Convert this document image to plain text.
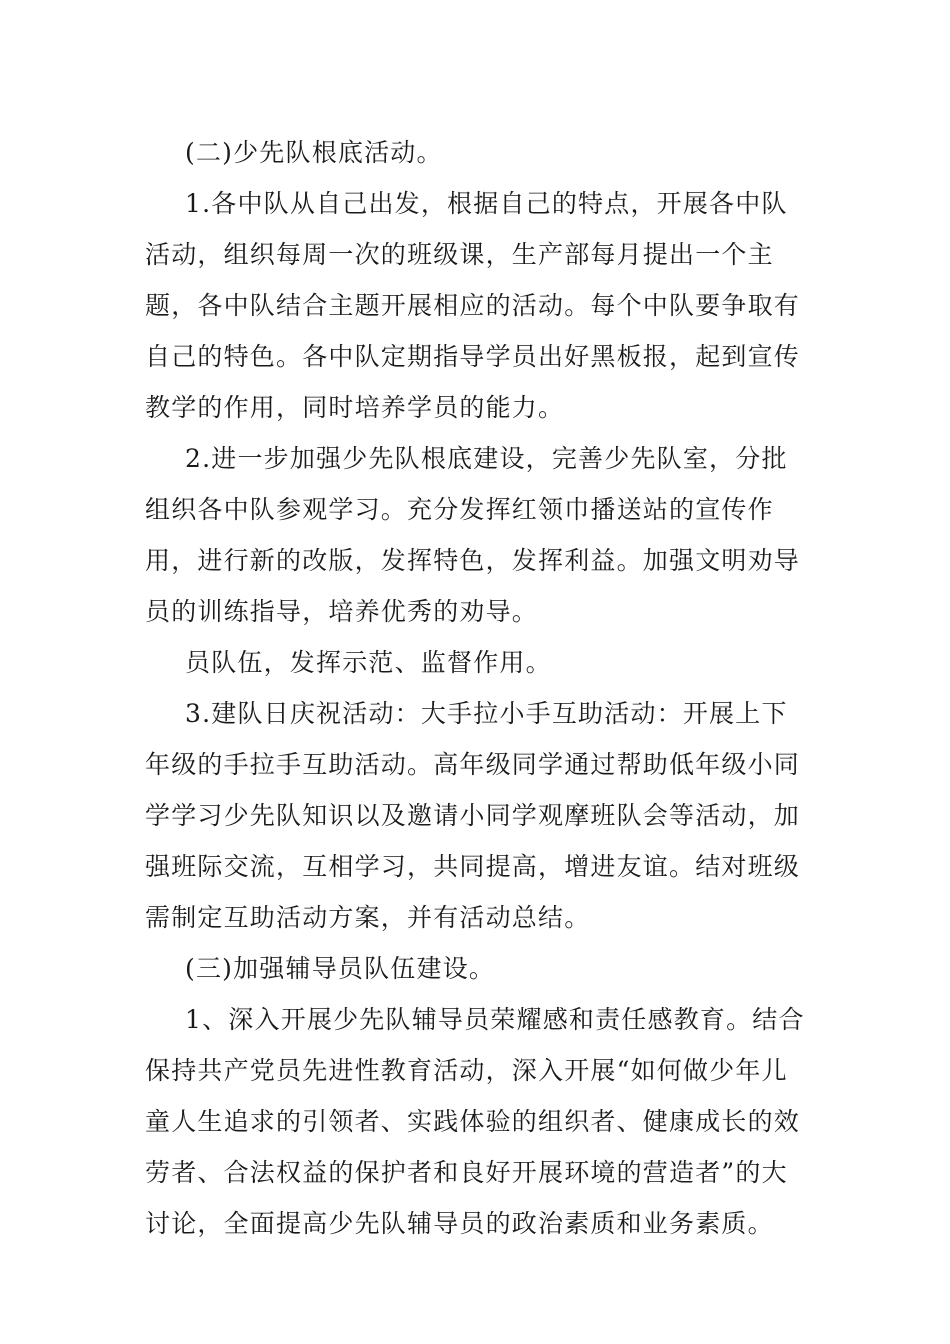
(二)少先队根底活动。

1.各中队从自己出发，根据自己的特点，开展各中队活动，组织每周一次的班级课，生产部每月提出一个主题，各中队结合主题开展相应的活动。每个中队要争取有自己的特色。各中队定期指导学员出好黑板报，起到宣传教学的作用，同时培养学员的能力。

2.进一步加强少先队根底建设，完善少先队室，分批组织各中队参观学习。充分发挥红领巾播送站的宣传作用，进行新的改版，发挥特色，发挥利益。加强文明劝导员的训练指导，培养优秀的劝导。

员队伍，发挥示范、监督作用。

3.建队日庆祝活动：大手拉小手互助活动：开展上下年级的手拉手互助活动。高年级同学通过帮助低年级小同学学习少先队知识以及邀请小同学观摩班队会等活动，加强班际交流，互相学习，共同提高，增进友谊。结对班级需制定互助活动方案，并有活动总结。

(三)加强辅导员队伍建设。

1、深入开展少先队辅导员荣耀感和责任感教育。结合保持共产党员先进性教育活动，深入开展“如何做少年儿童人生追求的引领者、实践体验的组织者、健康成长的效劳者、合法权益的保护者和良好开展环境的营造者”的大讨论，全面提高少先队辅导员的政治素质和业务素质。
